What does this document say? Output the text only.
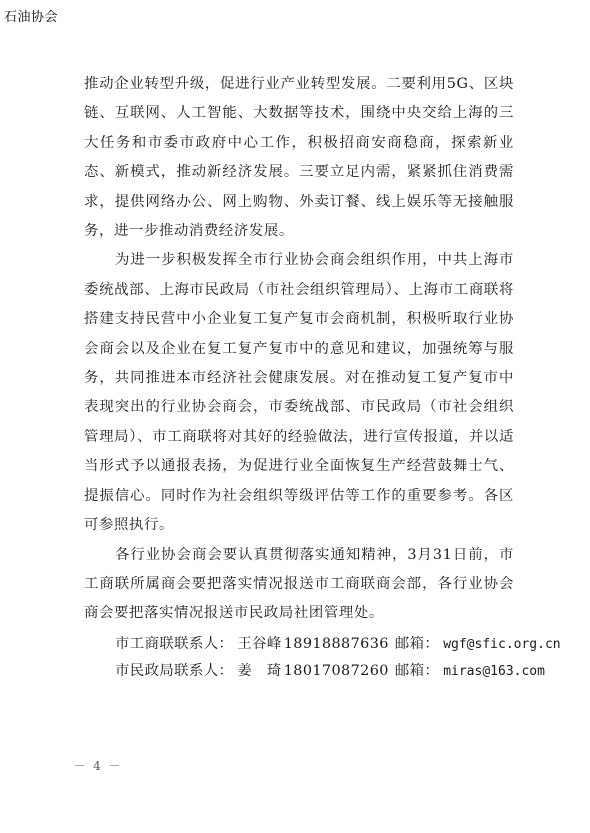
石油协会

推动企业转型升级，促进行业产业转型发展。二要利用5G、区块链、互联网、人工智能、大数据等技术，围绕中央交给上海的三大任务和市委市政府中心工作，积极招商安商稳商，探索新业态、新模式，推动新经济发展。三要立足内需，紧紧抓住消费需求，提供网络办公、网上购物、外卖订餐、线上娱乐等无接触服务，进一步推动消费经济发展。

为进一步积极发挥全市行业协会商会组织作用，中共上海市委统战部、上海市民政局（市社会组织管理局）、上海市工商联将搭建支持民营中小企业复工复产复市会商机制，积极听取行业协会商会以及企业在复工复产复市中的意见和建议，加强统筹与服务，共同推进本市经济社会健康发展。对在推动复工复产复市中表现突出的行业协会商会，市委统战部、市民政局（市社会组织管理局）、市工商联将对其好的经验做法，进行宣传报道，并以适当形式予以通报表扬，为促进行业全面恢复生产经营鼓舞士气、提振信心。同时作为社会组织等级评估等工作的重要参考。各区可参照执行。

各行业协会商会要认真贯彻落实通知精神，3月31日前，市工商联所属商会要把落实情况报送市工商联商会部，各行业协会商会要把落实情况报送市民政局社团管理处。

市工商联联系人： 王谷峰 18918887636 邮箱： wgf@sfic.org.cn

市民政局联系人： 姜　琦 18017087260 邮箱： miras@163.com

－ 4 －
